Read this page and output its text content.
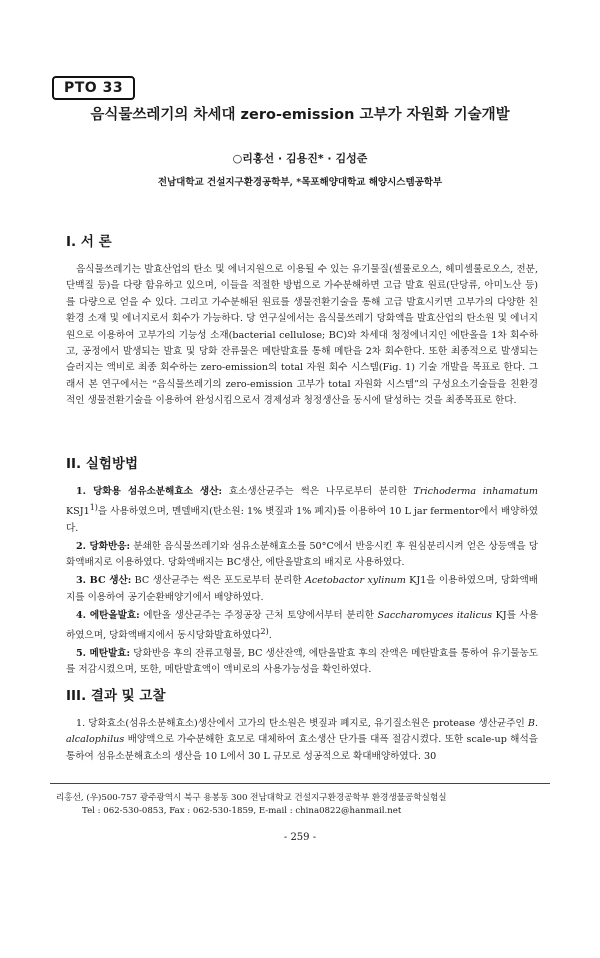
PTO 33
음식물쓰레기의 차세대 zero-emission 고부가 자원화 기술개발
○리홍선 · 김용진* · 김성준
전남대학교 건설지구환경공학부, *목포해양대학교 해양시스템공학부
I. 서 론

음식물쓰레기는 발효산업의 탄소 및 에너지원으로 이용될 수 있는 유기물질(셀룰로오스, 헤미셀룰로오스, 전분, 단백질 등)을 다량 함유하고 있으며, 이들을 적절한 방법으로 가수분해하면 고급 발효 원료(단당류, 아미노산 등)를 다량으로 얻을 수 있다. 그리고 가수분해된 원료를 생물전환기술을 통해 고급 발효시키면 고부가의 다양한 친환경 소재 및 에너지로서 회수가 가능하다. 당 연구실에서는 음식물쓰레기 당화액을 발효산업의 탄소원 및 에너지원으로 이용하여 고부가의 기능성 소재(bacterial cellulose; BC)와 차세대 청정에너지인 에탄올을 1차 회수하고, 공정에서 발생되는 발효 및 당화 잔류물은 메탄발효를 통해 메탄을 2차 회수한다. 또한 최종적으로 발생되는 슬러지는 액비로 최종 회수하는 zero-emission의 total 자원 회수 시스템(Fig. 1) 기술 개발을 목표로 한다. 그래서 본 연구에서는 “음식물쓰레기의 zero-emission 고부가 total 자원화 시스템”의 구성요소기술들을 친환경적인 생물전환기술을 이용하여 완성시킴으로서 경제성과 청정생산을 동시에 달성하는 것을 최종목표로 한다.

II. 실험방법

1. 당화용 섬유소분해효소 생산: 효소생산균주는 썩은 나무로부터 분리한 Trichoderma inhamatum KSJ1$^{1)}$을 사용하였으며, 멘델배지(탄소원: 1% 볏짚과 1% 폐지)를 이용하여 10 L jar fermentor에서 배양하였다.

2. 당화반응: 분쇄한 음식물쓰레기와 섬유소분해효소를 50°C에서 반응시킨 후 원심분리시켜 얻은 상등액을 당화액배지로 이용하였다. 당화액배지는 BC생산, 에탄올발효의 배지로 사용하였다.

3. BC 생산: BC 생산균주는 썩은 포도로부터 분리한 Acetobactor xylinum KJ1을 이용하였으며, 당화액배지를 이용하여 공기순환배양기에서 배양하였다.

4. 에탄올발효: 에탄올 생산균주는 주정공장 근처 토양에서부터 분리한 Saccharomyces italicus KJ를 사용하였으며, 당화액배지에서 동시당화발효하였다$^{2)}$.

5. 메탄발효: 당화반응 후의 잔류고형물, BC 생산잔액, 에탄올발효 후의 잔액은 메탄발효를 통하여 유기물농도를 저감시켰으며, 또한, 메탄발효액이 액비로의 사용가능성을 확인하였다.

III. 결과 및 고찰

1. 당화효소(섬유소분해효소)생산에서 고가의 탄소원은 볏짚과 폐지로, 유기질소원은 protease 생산균주인 B. alcalophilus 배양액으로 가수분해한 효모로 대체하여 효소생산 단가를 대폭 절감시켰다. 또한 scale-up 해석을 통하여 섬유소분해효소의 생산을 10 L에서 30 L 규모로 성공적으로 확대배양하였다. 30

리홍선, (우)500-757 광주광역시 북구 용봉동 300 전남대학교 건설지구환경공학부 환경생물공학실험실
Tel : 062-530-0853, Fax : 062-530-1859, E-mail : china0822@hanmail.net
- 259 -
